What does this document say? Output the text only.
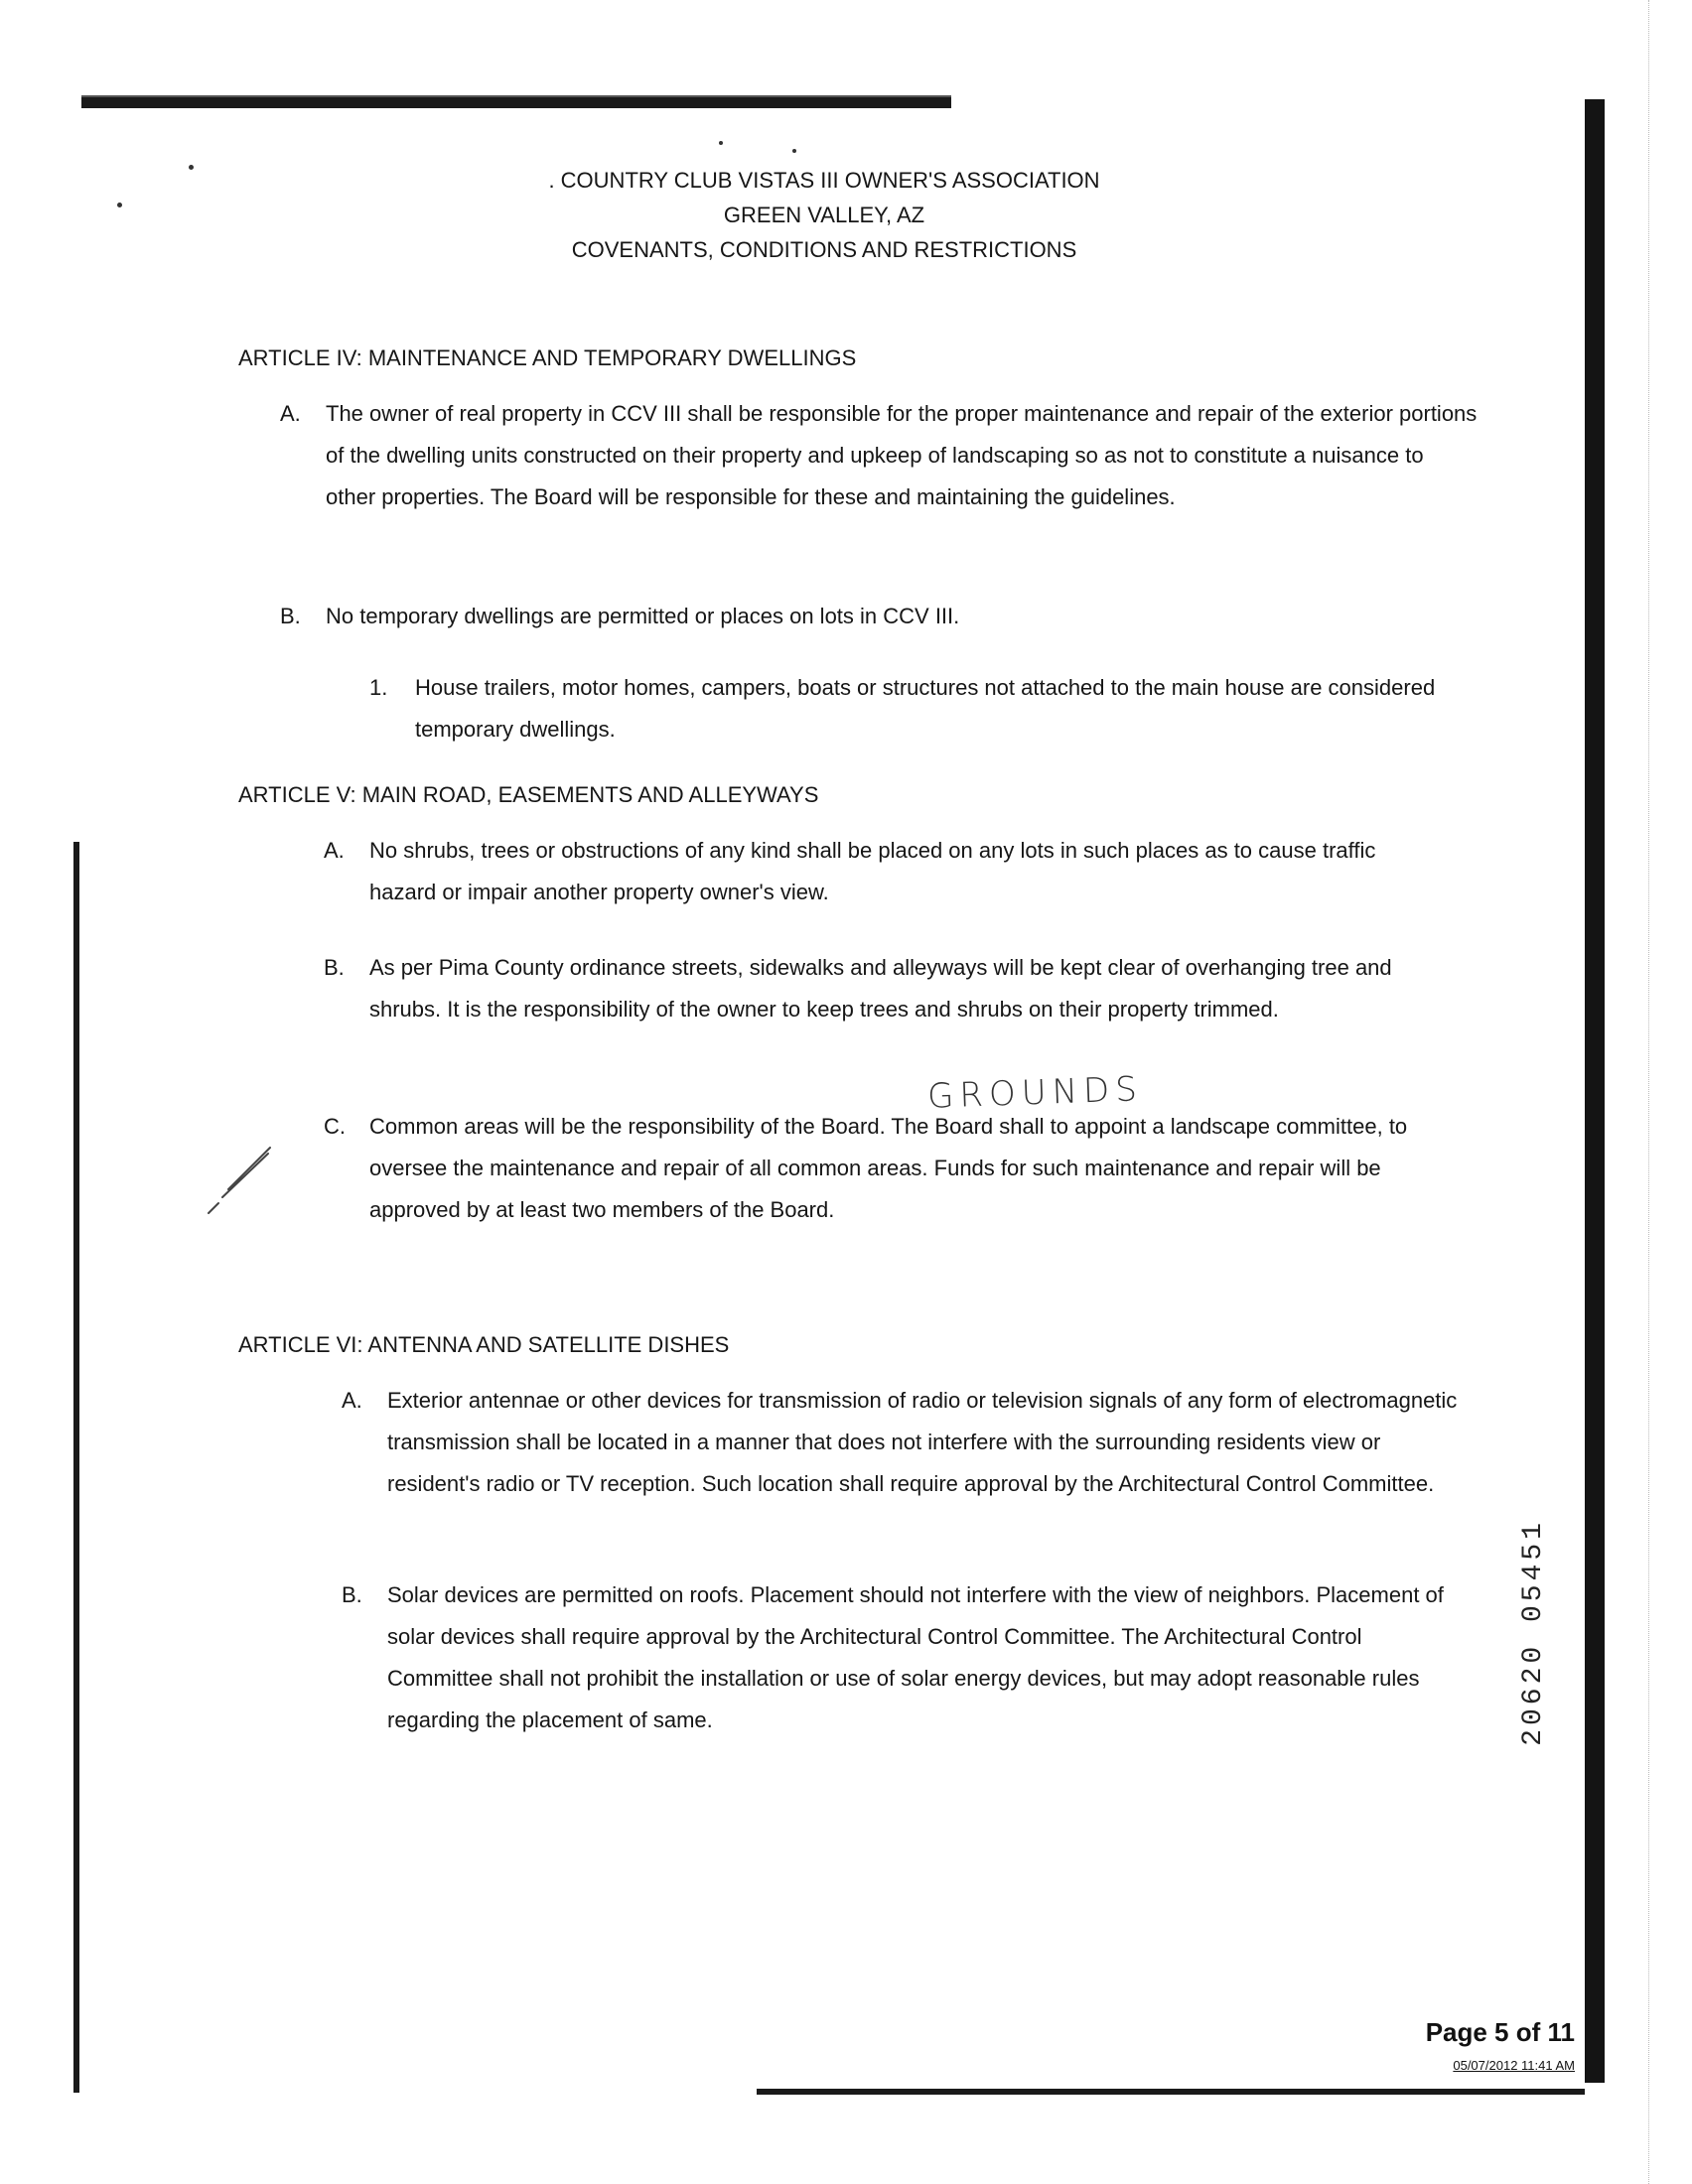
. COUNTRY CLUB VISTAS III OWNER'S ASSOCIATION
GREEN VALLEY, AZ
COVENANTS, CONDITIONS AND RESTRICTIONS
ARTICLE IV: MAINTENANCE AND TEMPORARY DWELLINGS
A. The owner of real property in CCV III shall be responsible for the proper maintenance and repair of the exterior portions of the dwelling units constructed on their property and upkeep of landscaping so as not to constitute a nuisance to other properties. The Board will be responsible for these and maintaining the guidelines.
B. No temporary dwellings are permitted or places on lots in CCV III.
1. House trailers, motor homes, campers, boats or structures not attached to the main house are considered temporary dwellings.
ARTICLE V: MAIN ROAD, EASEMENTS AND ALLEYWAYS
A. No shrubs, trees or obstructions of any kind shall be placed on any lots in such places as to cause traffic hazard or impair another property owner's view.
B. As per Pima County ordinance streets, sidewalks and alleyways will be kept clear of overhanging tree and shrubs. It is the responsibility of the owner to keep trees and shrubs on their property trimmed.
GROUNDS
C. Common areas will be the responsibility of the Board. The Board shall to appoint a landscape committee, to oversee the maintenance and repair of all common areas. Funds for such maintenance and repair will be approved by at least two members of the Board.
ARTICLE VI: ANTENNA AND SATELLITE DISHES
A. Exterior antennae or other devices for transmission of radio or television signals of any form of electromagnetic transmission shall be located in a manner that does not interfere with the surrounding residents view or resident's radio or TV reception. Such location shall require approval by the Architectural Control Committee.
B. Solar devices are permitted on roofs. Placement should not interfere with the view of neighbors. Placement of solar devices shall require approval by the Architectural Control Committee. The Architectural Control Committee shall not prohibit the installation or use of solar energy devices, but may adopt reasonable rules regarding the placement of same.	20620 05451
Page 5 of 11
05/07/2012 11:41 AM
